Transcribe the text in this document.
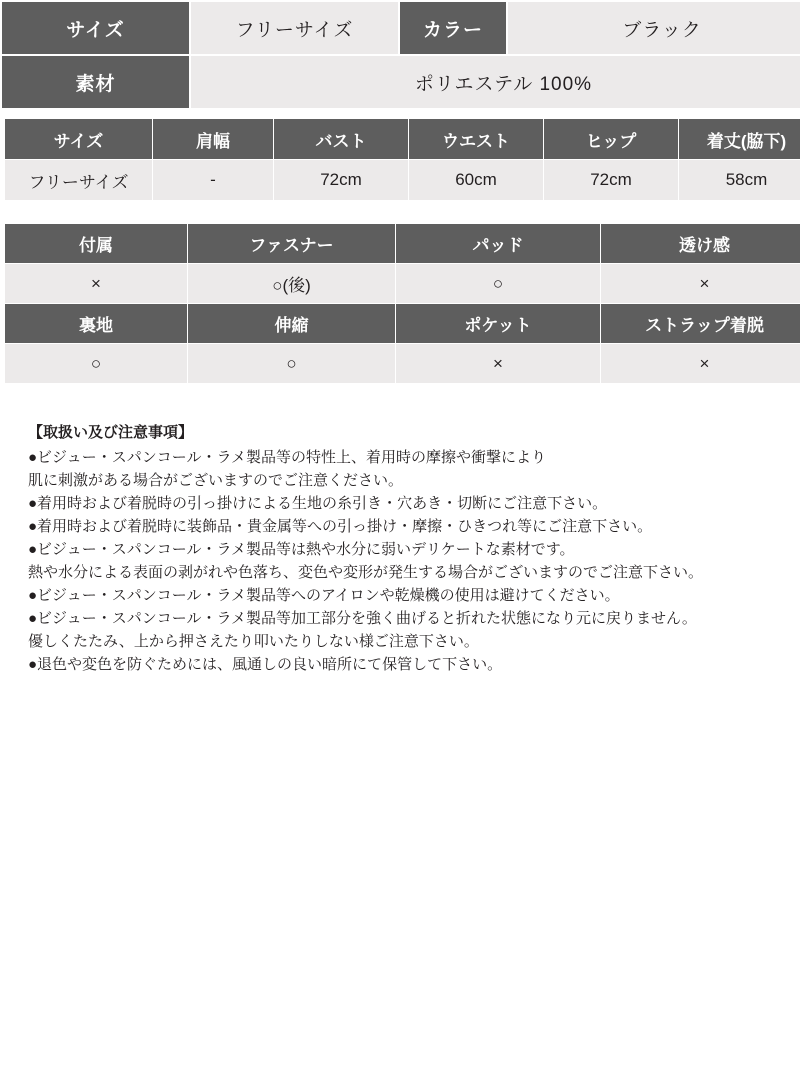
サイズ	フリーサイズ	カラー	ブラック
素材	ポリエステル 100%		
サイズ	肩幅	バスト	ウエスト	ヒップ	着丈(脇下)
フリーサイズ	-	72cm	60cm	72cm	58cm
付属	ファスナー	パッド	透け感
×	○(後)	○	×
裏地	伸縮	ポケット	ストラップ着脱
○	○	×	×
【取扱い及び注意事項】
●ビジュー・スパンコール・ラメ製品等の特性上、着用時の摩擦や衝撃により
肌に刺激がある場合がございますのでご注意ください。
●着用時および着脱時の引っ掛けによる生地の糸引き・穴あき・切断にご注意下さい。
●着用時および着脱時に装飾品・貴金属等への引っ掛け・摩擦・ひきつれ等にご注意下さい。
●ビジュー・スパンコール・ラメ製品等は熱や水分に弱いデリケートな素材です。
熱や水分による表面の剥がれや色落ち、変色や変形が発生する場合がございますのでご注意下さい。
●ビジュー・スパンコール・ラメ製品等へのアイロンや乾燥機の使用は避けてください。
●ビジュー・スパンコール・ラメ製品等加工部分を強く曲げると折れた状態になり元に戻りません。
優しくたたみ、上から押さえたり叩いたりしない様ご注意下さい。
●退色や変色を防ぐためには、風通しの良い暗所にて保管して下さい。
